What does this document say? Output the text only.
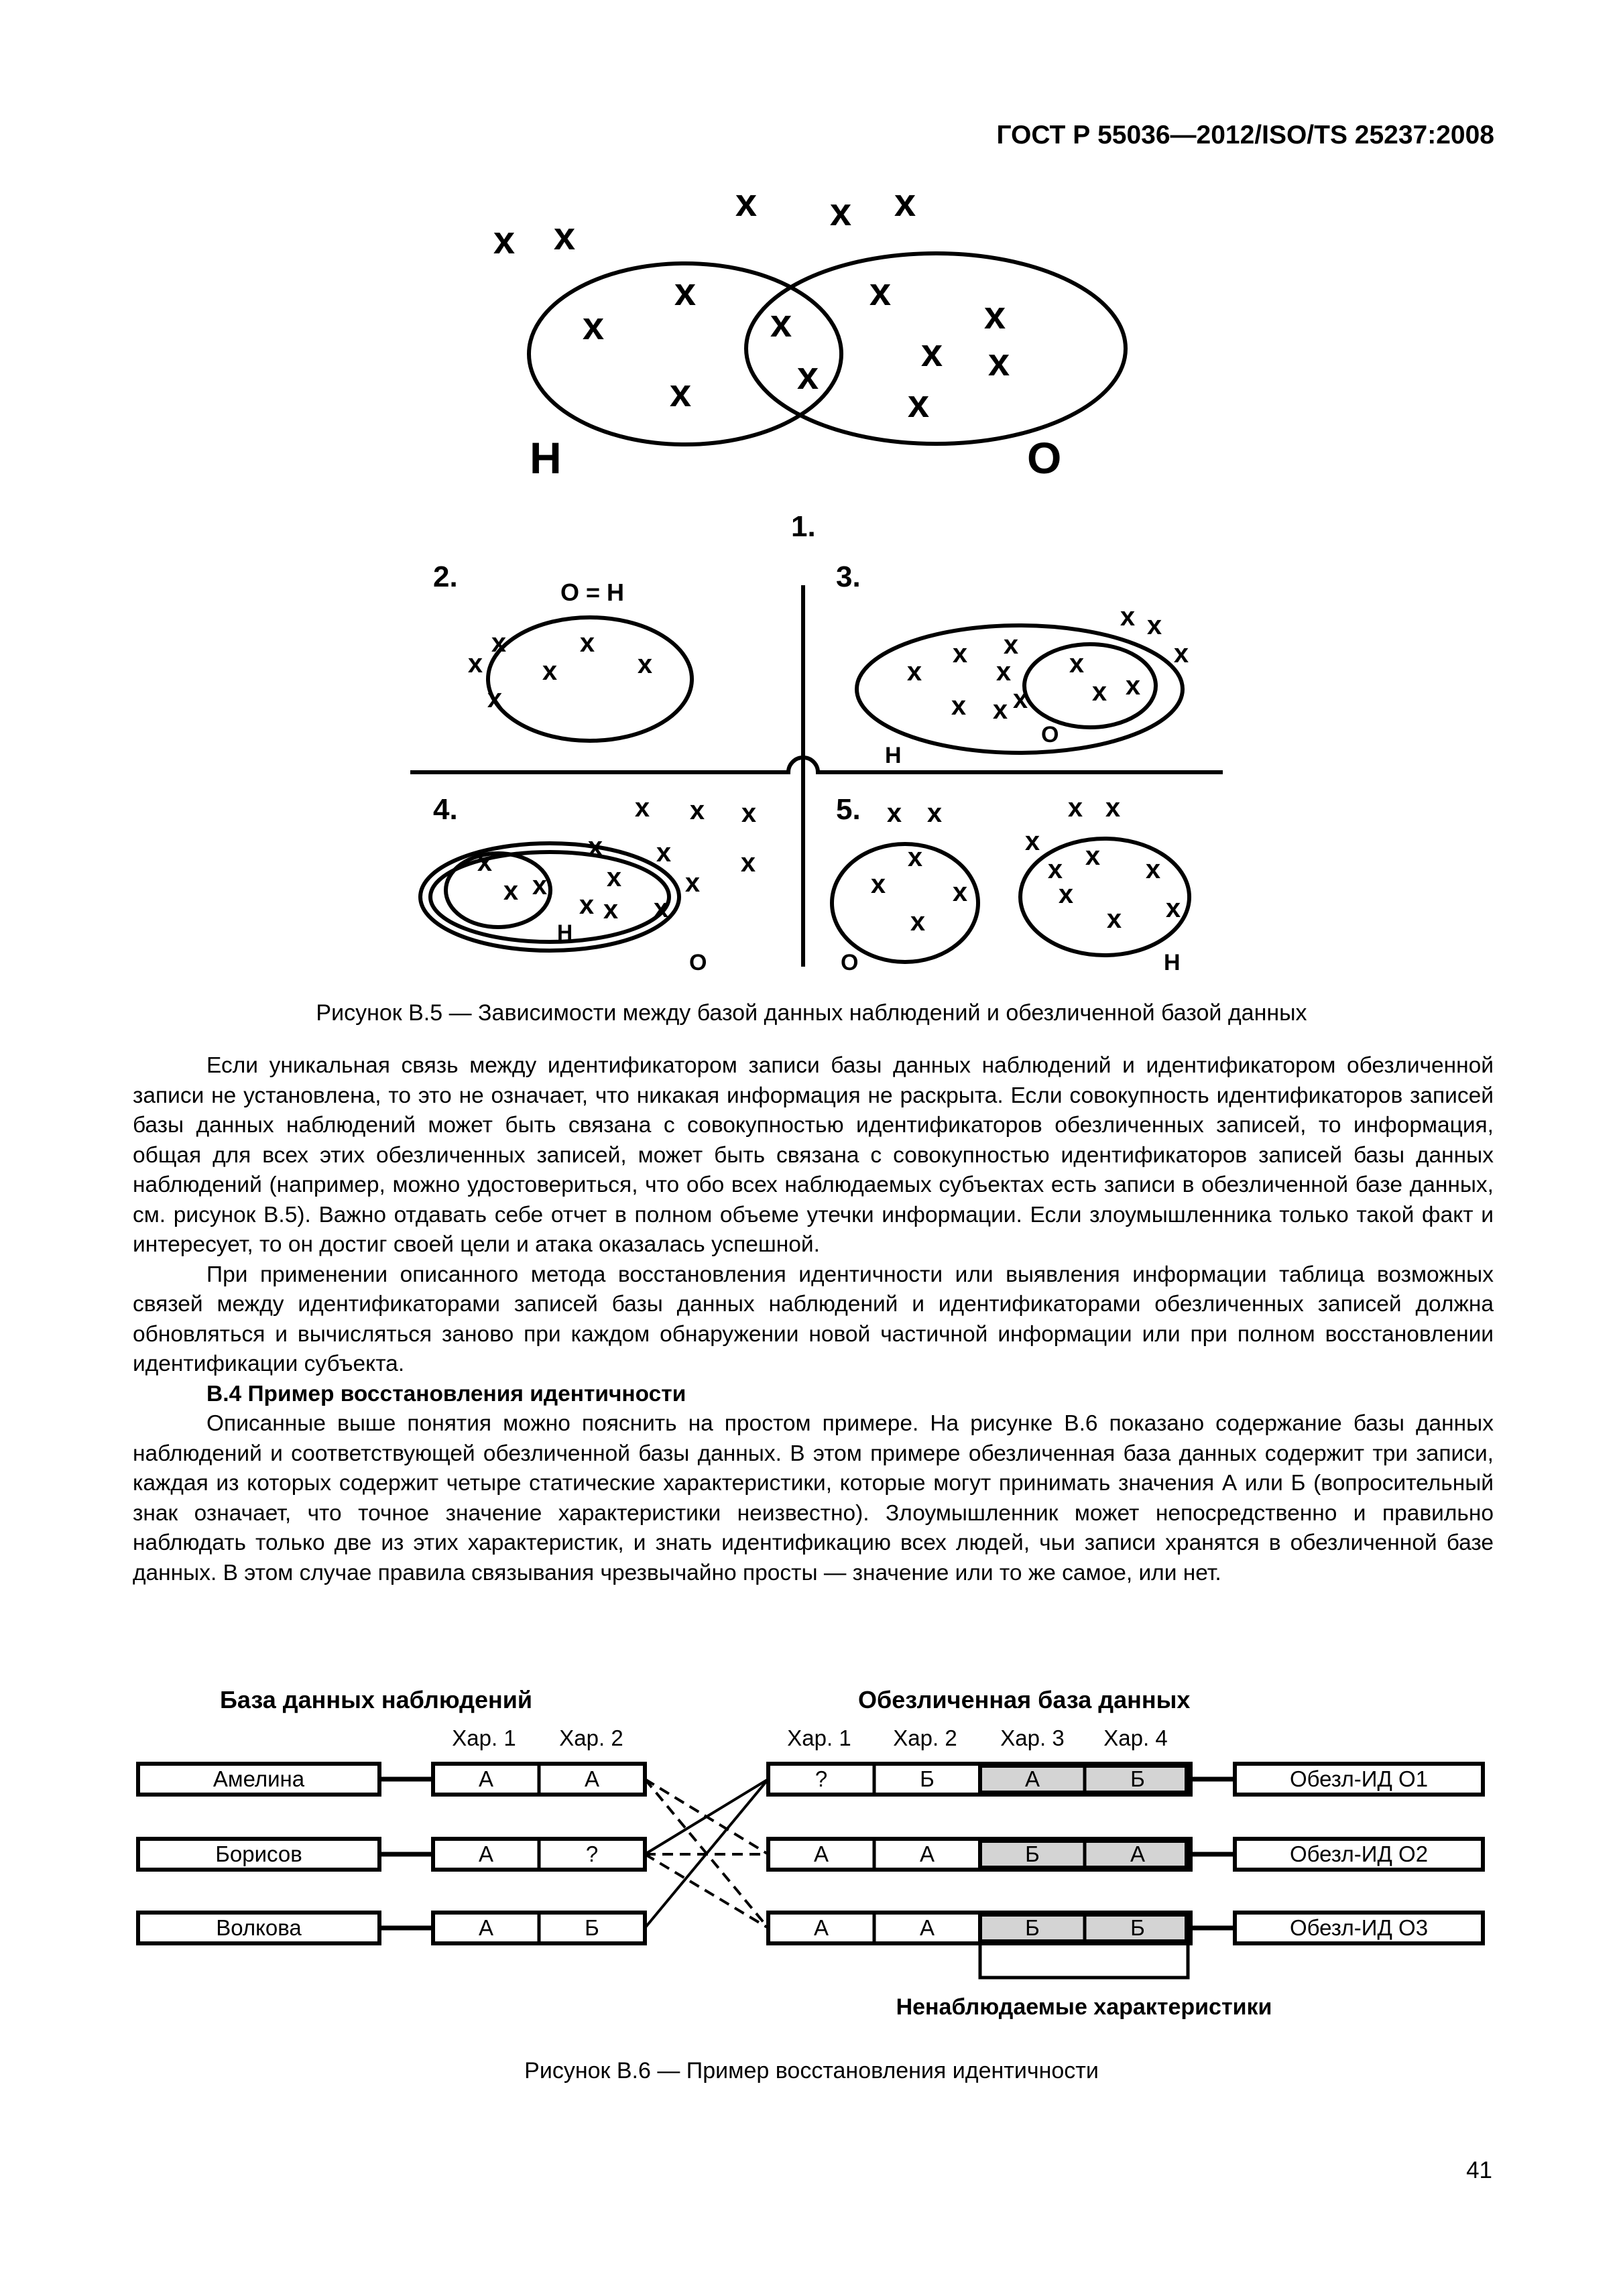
ГОСТ Р 55036—2012/ISO/TS 25237:2008
x x
x x x
x
x
x
x
x
x x
x	x
x
x
x
x
x	x
x
x
x
x
x x
x x
x x
x
x x x
x x x
x
x x
x
x x
x x
x x x
x x
x
x x
x
x x
x x
x	x
x	x
x
Н	О
1.
2.	3.
4.	5.
О = Н
О
Н
Н
О	О	Н
Рисунок В.5 — Зависимости между базой данных наблюдений и обезличенной базой данных

Если уникальная связь между идентификатором записи базы данных наблюдений и идентификатором обезличенной записи не установлена, то это не означает, что никакая информация не раскрыта. Если совокупность идентификаторов записей базы данных наблюдений может быть связана с совокупностью идентификаторов обезличенных записей, то информация, общая для всех этих обезличенных записей, может быть связана с совокупностью идентификаторов записей базы данных наблюдений (например, можно удостовериться, что обо всех наблюдаемых субъектах есть записи в обезличенной базе данных, см. рисунок В.5). Важно отдавать себе отчет в полном объеме утечки информации. Если злоумышленника только такой факт и интересует, то он достиг своей цели и атака оказалась успешной.

При применении описанного метода восстановления идентичности или выявления информации таблица возможных связей между идентификаторами записей базы данных наблюдений и идентификаторами обезличенных записей должна обновляться и вычисляться заново при каждом обнаружении новой частичной информации или при полном восстановлении идентификации субъекта.

В.4 Пример восстановления идентичности

Описанные выше понятия можно пояснить на простом примере. На рисунке В.6 показано содержание базы данных наблюдений и соответствующей обезличенной базы данных. В этом примере обезличенная база данных содержит три записи, каждая из которых содержит четыре статические характеристики, которые могут принимать значения А или Б (вопросительный знак означает, что точное значение характеристики неизвестно). Злоумышленник может непосредственно и правильно наблюдать только две из этих характеристик, и знать идентификацию всех людей, чьи записи хранятся в обезличенной базе данных. В этом случае правила связывания чрезвычайно просты — значение или то же самое, или нет.

База данных наблюдений	Обезличенная база данных
Хар. 1 Хар. 2	Хар. 1 Хар. 2 Хар. 3 Хар. 4
Амелина	А	А	?	Б	А	Б	Обезл-ИД О1
Борисов	А	?	А	А	Б	А	Обезл-ИД О2
Волкова	А	Б	А	А	Б	Б	Обезл-ИД О3
Ненаблюдаемые характеристики
Рисунок В.6 — Пример восстановления идентичности
41
